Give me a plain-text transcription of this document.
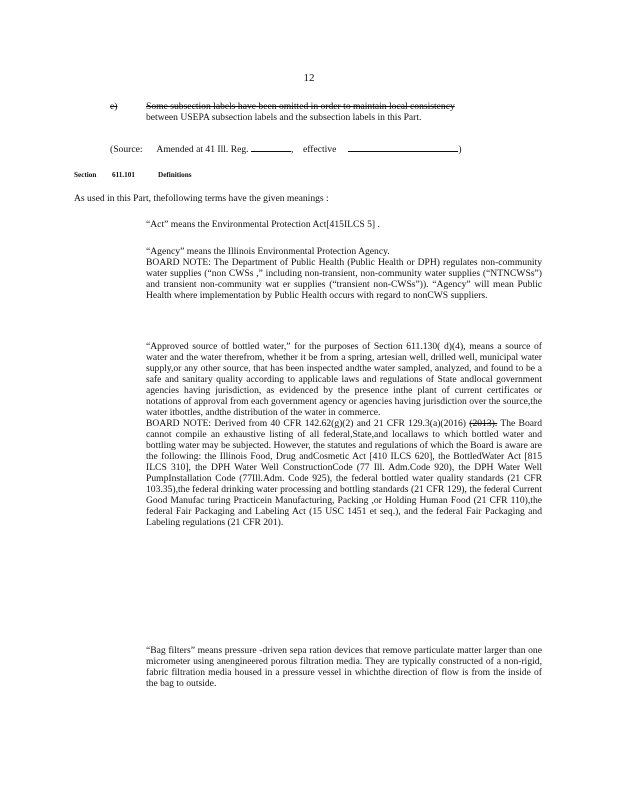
12
e)	Some subsection labels have been omitted in order to maintain local consistency
between USEPA subsection labels and the subsection labels in this Part.
(Source: Amended at 41 Ill. Reg.	,    effective	)
Section 611.101	Definitions
As used in this Part, thefollowing terms have the given meanings :

“Act” means the Environmental Protection Act[415ILCS 5] .

“Agency” means the Illinois Environmental Protection Agency.

BOARD NOTE: The Department of Public Health (Public Health or DPH) regulates non-community water supplies (“non CWSs ,” including non-transient, non-community water supplies (“NTNCWSs”) and transient non-community wat er supplies (“transient non-CWSs”)). “Agency” will mean Public Health where implementation by Public Health occurs with regard to nonCWS suppliers.

“Approved source of bottled water,” for the purposes of Section 611.130( d)(4), means a source of water and the water therefrom, whether it be from a spring, artesian well, drilled well, municipal water supply,or any other source, that has been inspected andthe water sampled, analyzed, and found to be a safe and sanitary quality according to applicable laws and regulations of State andlocal government agencies having jurisdiction, as evidenced by the presence inthe plant of current certificates or notations of approval from each government agency or agencies having jurisdiction over the source,the water itbottles, andthe distribution of the water in commerce.

BOARD NOTE: Derived from 40 CFR 142.62(g)(2) and 21 CFR 129.3(a)(2016) (2013). The Board cannot compile an exhaustive listing of all federal,State,and locallaws to which bottled water and bottling water may be subjected. However, the statutes and regulations of which the Board is aware are the following: the Illinois Food, Drug andCosmetic Act [410 ILCS 620], the BottledWater Act [815 ILCS 310], the DPH Water Well ConstructionCode (77 Ill. Adm.Code 920), the DPH Water Well PumpInstallation Code (77Ill.Adm. Code 925), the federal bottled water quality standards (21 CFR 103.35),the federal drinking water processing and bottling standards (21 CFR 129), the federal Current Good Manufac turing Practicein Manufacturing, Packing ,or Holding Human Food (21 CFR 110),the federal Fair Packaging and Labeling Act (15 USC 1451 et seq.), and the federal Fair Packaging and Labeling regulations (21 CFR 201).

“Bag filters” means pressure -driven sepa ration devices that remove particulate matter larger than one micrometer using anengineered porous filtration media. They are typically constructed of a non-rigid, fabric filtration media housed in a pressure vessel in whichthe direction of flow is from the inside of the bag to outside.
